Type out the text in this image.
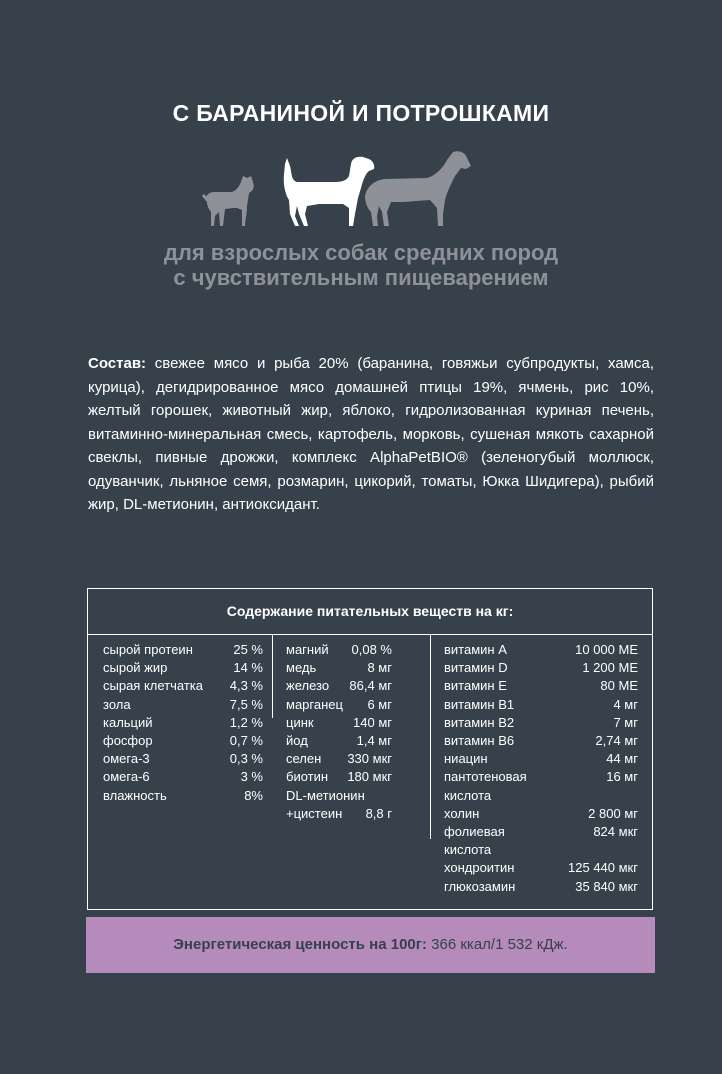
С БАРАНИНОЙ И ПОТРОШКАМИ
для взрослых собак средних пород
с чувствительным пищеварением
Состав: свежее мясо и рыба 20% (баранина, говяжьи субпродукты, хамса, курица), дегидрированное мясо домашней птицы 19%, ячмень, рис 10%, желтый горошек, животный жир, яблоко, гидролизованная куриная печень, витаминно-минеральная смесь, картофель, морковь, сушеная мякоть сахарной свеклы, пивные дрожжи, комплекс AlphaPetBIO® (зеленогубый моллюск, одуванчик, льняное семя, розмарин, цикорий, томаты, Юкка Шидигера), рыбий жир, DL-метионин, антиоксидант.
Содержание питательных веществ на кг:
сырой протеин	25 %
сырой жир	14 %
сырая клетчатка 4,3 %
зола	7,5 %
кальций	1,2 %
фосфор	0,7 %
омега-3	0,3 %
омега-6	3 %
влажность	8%
магний 0,08 %
медь	8 мг
железо 86,4 мг
марганец 6 мг
цинк	140 мг
йод	1,4 мг
селен 330 мкг
биотин 180 мкг
DL-метионин
+цистеин 8,8 г
витамин А	10 000 МЕ
витамин D	1 200 МЕ
витамин Е	80 МЕ
витамин В1	4 мг
витамин В2	7 мг
витамин В6	2,74 мг
ниацин	44 мг
пантотеновая	16 мг
кислота
холин	2 800 мг
фолиевая	824 мкг
кислота
хондроитин	125 440 мкг
глюкозамин	35 840 мкг
Энергетическая ценность на 100г: 366 ккал/1 532 кДж.
